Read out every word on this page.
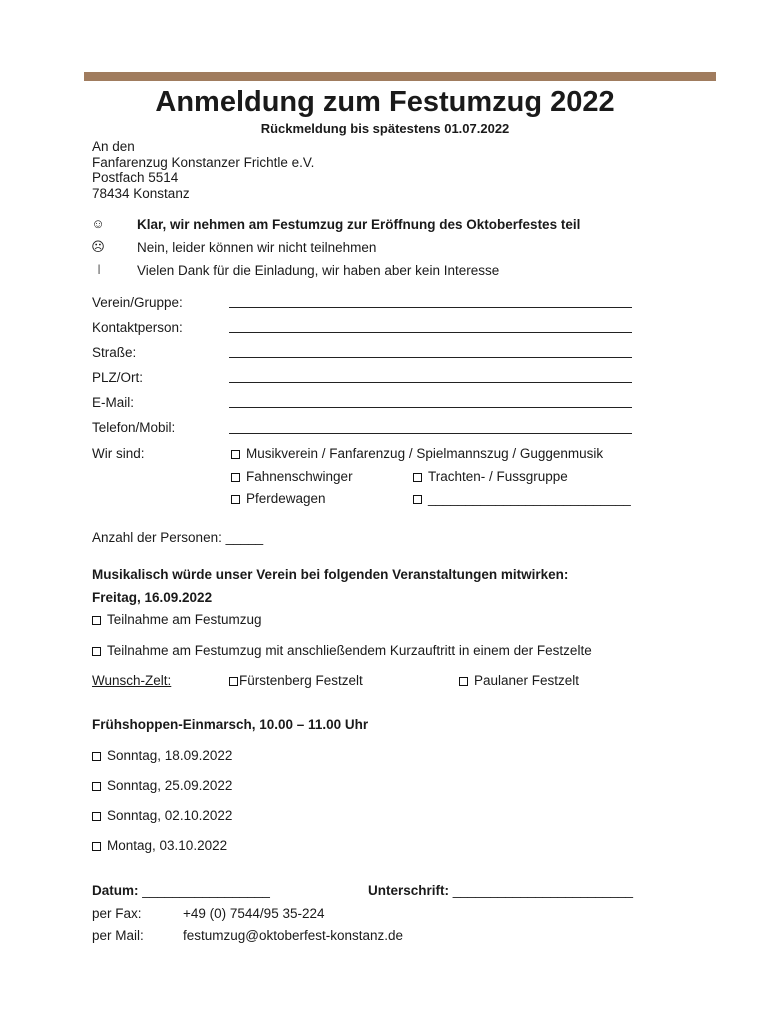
Anmeldung zum Festumzug 2022
Rückmeldung bis spätestens 01.07.2022
An den
Fanfarenzug Konstanzer Frichtle e.V.
Postfach 5514
78434 Konstanz
☺ Klar, wir nehmen am Festumzug zur Eröffnung des Oktoberfestes teil
☹ Nein, leider können wir nicht teilnehmen
|	Vielen Dank für die Einladung, wir haben aber kein Interesse
Verein/Gruppe:
Kontaktperson:
Straße:
PLZ/Ort:
E-Mail:
Telefon/Mobil:
Wir sind:	Musikverein / Fanfarenzug / Spielmannszug / Guggenmusik
Fahnenschwinger	Trachten- / Fussgruppe
Pferdewagen	___________________________
Anzahl der Personen: _____
Musikalisch würde unser Verein bei folgenden Veranstaltungen mitwirken:
Freitag, 16.09.2022
Teilnahme am Festumzug
Teilnahme am Festumzug mit anschließendem Kurzauftritt in einem der Festzelte
Wunsch-Zelt:	Fürstenberg Festzelt	Paulaner Festzelt
Frühshoppen-Einmarsch, 10.00 – 11.00 Uhr
Sonntag, 18.09.2022
Sonntag, 25.09.2022
Sonntag, 02.10.2022
Montag, 03.10.2022
Datum: _________________	Unterschrift: ________________________
per Fax:	+49 (0) 7544/95 35-224
per Mail:	festumzug@oktoberfest-konstanz.de
